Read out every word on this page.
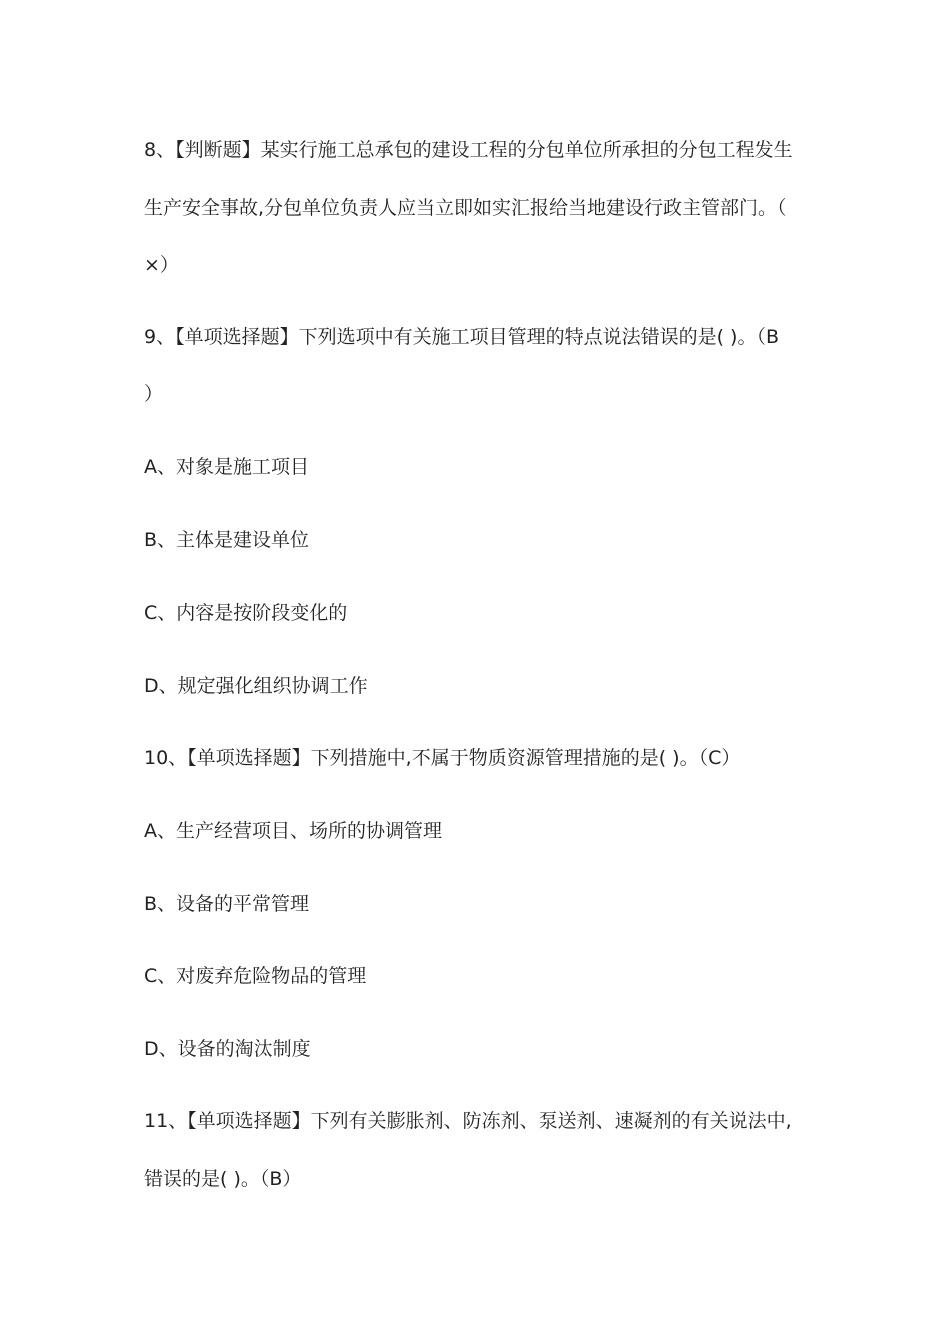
8、【判断题】某实行施工总承包的建设工程的分包单位所承担的分包工程发生
生产安全事故,分包单位负责人应当立即如实汇报给当地建设行政主管部门。（
×）
9、【单项选择题】下列选项中有关施工项目管理的特点说法错误的是( )。（B
）
A、对象是施工项目
B、主体是建设单位
C、内容是按阶段变化的
D、规定强化组织协调工作
10、【单项选择题】下列措施中,不属于物质资源管理措施的是( )。（C）
A、生产经营项目、场所的协调管理
B、设备的平常管理
C、对废弃危险物品的管理
D、设备的淘汰制度
11、【单项选择题】下列有关膨胀剂、防冻剂、泵送剂、速凝剂的有关说法中,
错误的是( )。（B）
